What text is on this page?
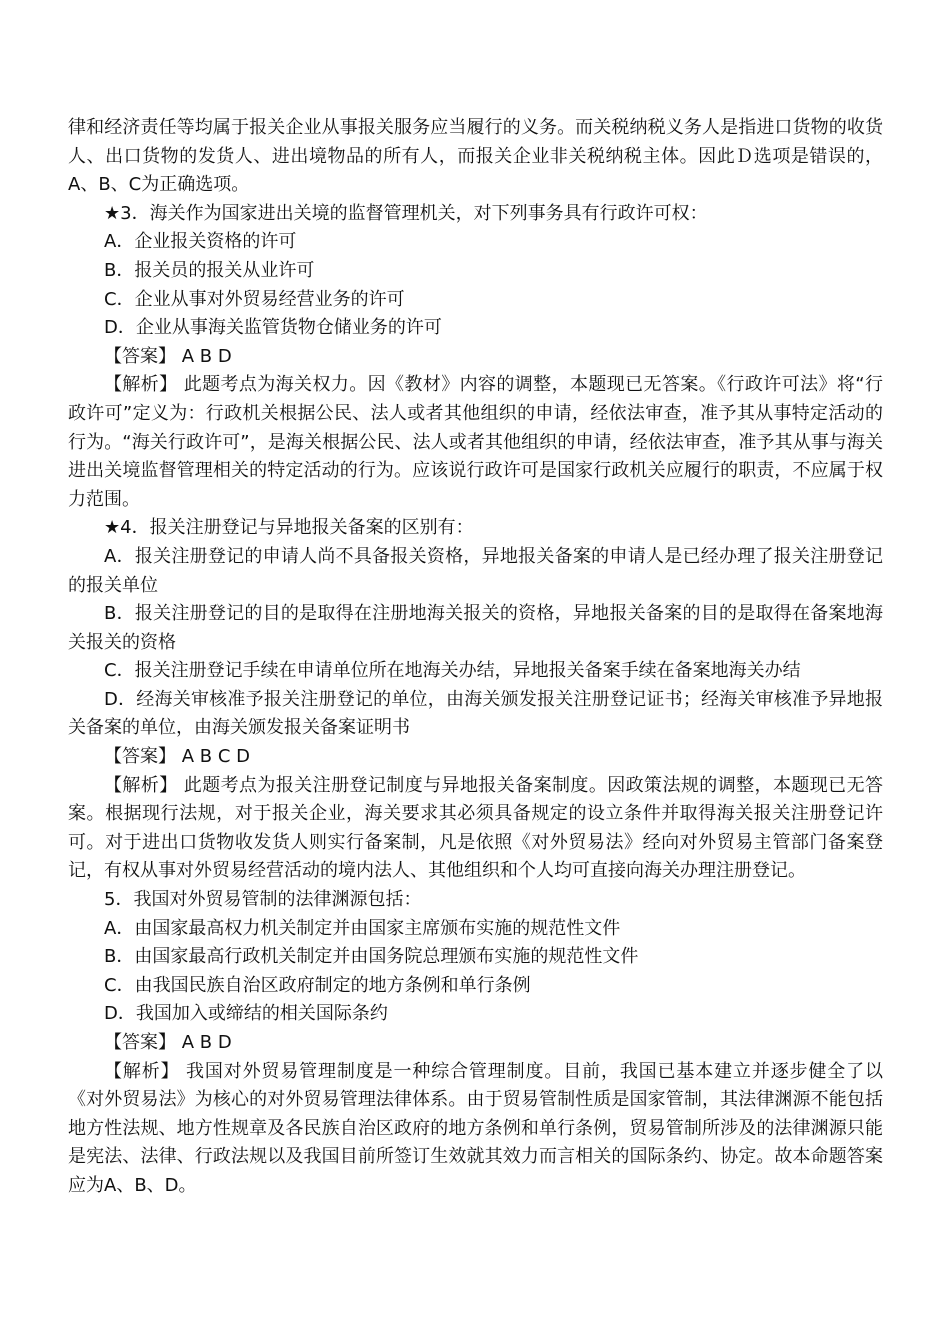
律和经济责任等均属于报关企业从事报关服务应当履行的义务。而关税纳税义务人是指进口货物的收货人、出口货物的发货人、进出境物品的所有人，而报关企业非关税纳税主体。因此Ｄ选项是错误的，A、B、C为正确选项。

★3．海关作为国家进出关境的监督管理机关，对下列事务具有行政许可权：

A．企业报关资格的许可

B．报关员的报关从业许可

C．企业从事对外贸易经营业务的许可

D．企业从事海关监管货物仓储业务的许可

【答案】 A B D

【解析】 此题考点为海关权力。因《教材》内容的调整，本题现已无答案。《行政许可法》将“行政许可”定义为：行政机关根据公民、法人或者其他组织的申请，经依法审查，准予其从事特定活动的行为。“海关行政许可”，是海关根据公民、法人或者其他组织的申请，经依法审查，准予其从事与海关进出关境监督管理相关的特定活动的行为。应该说行政许可是国家行政机关应履行的职责，不应属于权力范围。

★4．报关注册登记与异地报关备案的区别有：

A．报关注册登记的申请人尚不具备报关资格，异地报关备案的申请人是已经办理了报关注册登记的报关单位

B．报关注册登记的目的是取得在注册地海关报关的资格，异地报关备案的目的是取得在备案地海关报关的资格

C．报关注册登记手续在申请单位所在地海关办结，异地报关备案手续在备案地海关办结

D．经海关审核准予报关注册登记的单位，由海关颁发报关注册登记证书；经海关审核准予异地报关备案的单位，由海关颁发报关备案证明书

【答案】 A B C D

【解析】 此题考点为报关注册登记制度与异地报关备案制度。因政策法规的调整，本题现已无答案。根据现行法规，对于报关企业，海关要求其必须具备规定的设立条件并取得海关报关注册登记许可。对于进出口货物收发货人则实行备案制，凡是依照《对外贸易法》经向对外贸易主管部门备案登记，有权从事对外贸易经营活动的境内法人、其他组织和个人均可直接向海关办理注册登记。

5．我国对外贸易管制的法律渊源包括：

A．由国家最高权力机关制定并由国家主席颁布实施的规范性文件

B．由国家最高行政机关制定并由国务院总理颁布实施的规范性文件

C．由我国民族自治区政府制定的地方条例和单行条例

D．我国加入或缔结的相关国际条约

【答案】 A B D

【解析】 我国对外贸易管理制度是一种综合管理制度。目前，我国已基本建立并逐步健全了以《对外贸易法》为核心的对外贸易管理法律体系。由于贸易管制性质是国家管制，其法律渊源不能包括地方性法规、地方性规章及各民族自治区政府的地方条例和单行条例，贸易管制所涉及的法律渊源只能是宪法、法律、行政法规以及我国目前所签订生效就其效力而言相关的国际条约、协定。故本命题答案应为A、B、D。
